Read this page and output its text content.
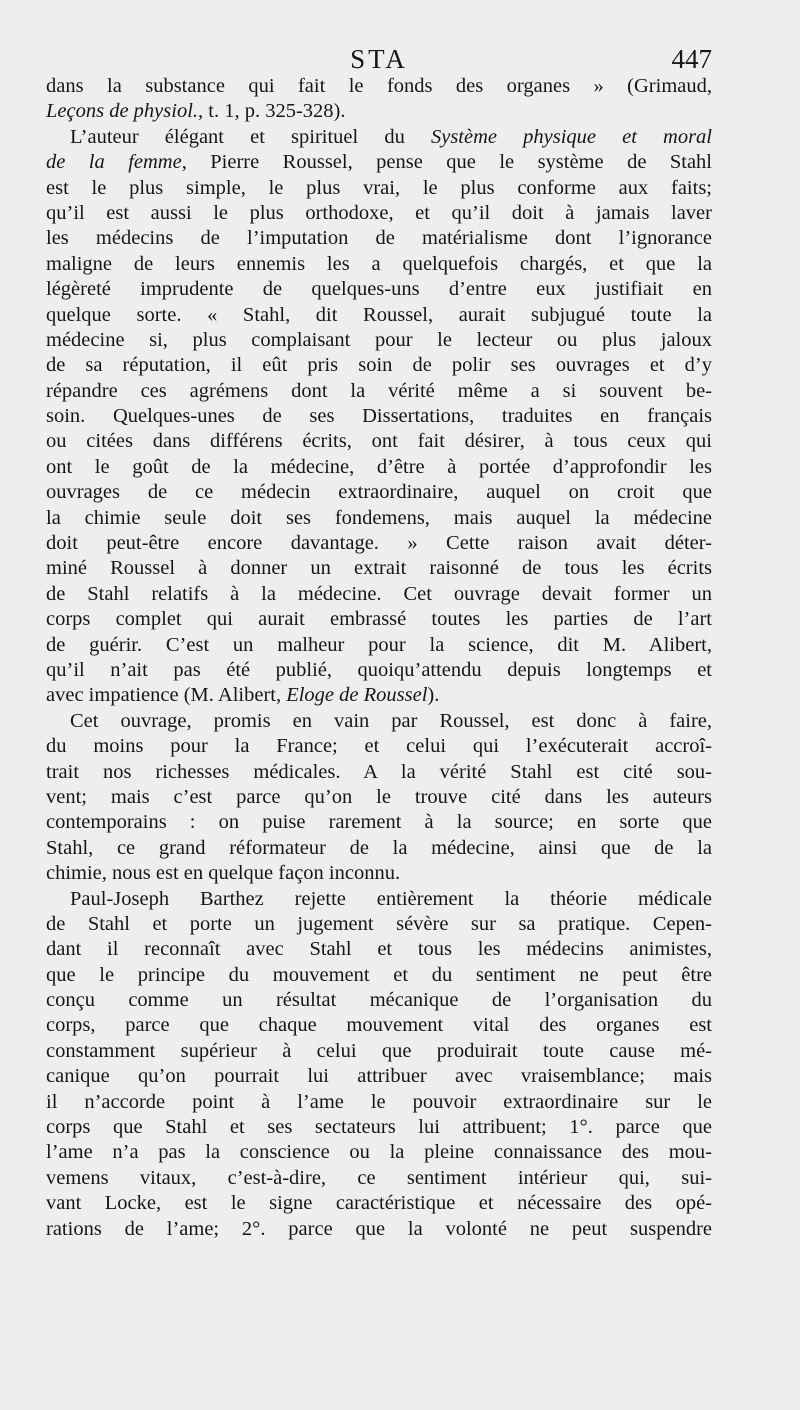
STA	447
dans la substance qui fait le fonds des organes » (Grimaud,
Leçons de physiol., t. 1, p. 325-328).
L’auteur élégant et spirituel du Système physique et moral
de la femme, Pierre Roussel, pense que le système de Stahl
est le plus simple, le plus vrai, le plus conforme aux faits;
qu’il est aussi le plus orthodoxe, et qu’il doit à jamais laver
les médecins de l’imputation de matérialisme dont l’ignorance
maligne de leurs ennemis les a quelquefois chargés, et que la
légèreté imprudente de quelques-uns d’entre eux justifiait en
quelque sorte. « Stahl, dit Roussel, aurait subjugué toute la
médecine si, plus complaisant pour le lecteur ou plus jaloux
de sa réputation, il eût pris soin de polir ses ouvrages et d’y
répandre ces agrémens dont la vérité même a si souvent be-
soin. Quelques-unes de ses Dissertations, traduites en français
ou citées dans différens écrits, ont fait désirer, à tous ceux qui
ont le goût de la médecine, d’être à portée d’approfondir les
ouvrages de ce médecin extraordinaire, auquel on croit que
la chimie seule doit ses fondemens, mais auquel la médecine
doit peut-être encore davantage. » Cette raison avait déter-
miné Roussel à donner un extrait raisonné de tous les écrits
de Stahl relatifs à la médecine. Cet ouvrage devait former un
corps complet qui aurait embrassé toutes les parties de l’art
de guérir. C’est un malheur pour la science, dit M. Alibert,
qu’il n’ait pas été publié, quoiqu’attendu depuis longtemps et
avec impatience (M. Alibert, Eloge de Roussel).
Cet ouvrage, promis en vain par Roussel, est donc à faire,
du moins pour la France; et celui qui l’exécuterait accroî-
trait nos richesses médicales. A la vérité Stahl est cité sou-
vent; mais c’est parce qu’on le trouve cité dans les auteurs
contemporains : on puise rarement à la source; en sorte que
Stahl, ce grand réformateur de la médecine, ainsi que de la
chimie, nous est en quelque façon inconnu.
Paul-Joseph Barthez rejette entièrement la théorie médicale
de Stahl et porte un jugement sévère sur sa pratique. Cepen-
dant il reconnaît avec Stahl et tous les médecins animistes,
que le principe du mouvement et du sentiment ne peut être
conçu comme un résultat mécanique de l’organisation du
corps, parce que chaque mouvement vital des organes est
constamment supérieur à celui que produirait toute cause mé-
canique qu’on pourrait lui attribuer avec vraisemblance; mais
il n’accorde point à l’ame le pouvoir extraordinaire sur le
corps que Stahl et ses sectateurs lui attribuent; 1°. parce que
l’ame n’a pas la conscience ou la pleine connaissance des mou-
vemens vitaux, c’est-à-dire, ce sentiment intérieur qui, sui-
vant Locke, est le signe caractéristique et nécessaire des opé-
rations de l’ame; 2°. parce que la volonté ne peut suspendre
